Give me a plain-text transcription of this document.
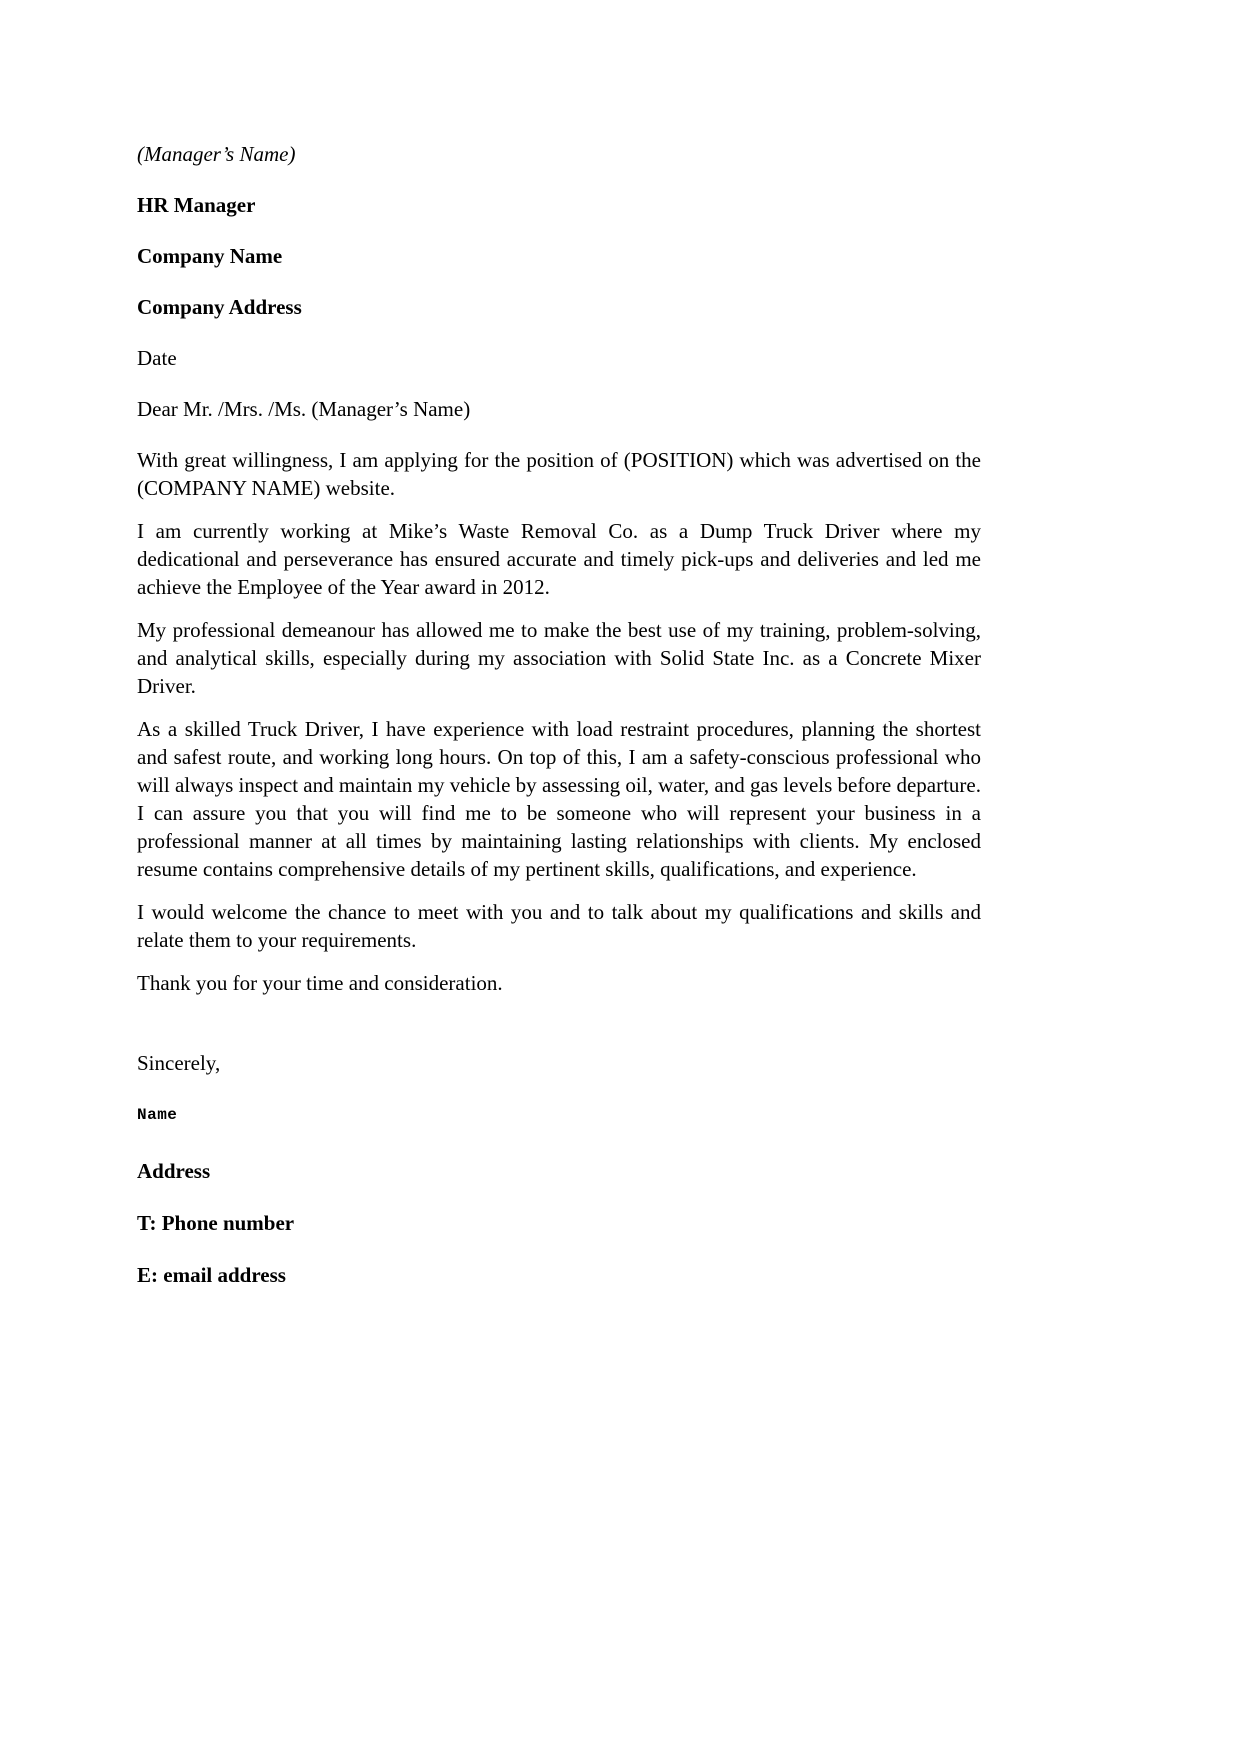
(Manager’s Name)

HR Manager

Company Name

Company Address

Date

Dear Mr. /Mrs. /Ms. (Manager’s Name)

With great willingness, I am applying for the position of (POSITION) which was advertised on the (COMPANY NAME) website.

I am currently working at Mike’s Waste Removal Co. as a Dump Truck Driver where my dedicational and perseverance has ensured accurate and timely pick-ups and deliveries and led me achieve the Employee of the Year award in 2012.

My professional demeanour has allowed me to make the best use of my training, problem-solving, and analytical skills, especially during my association with Solid State Inc. as a Concrete Mixer Driver.

As a skilled Truck Driver, I have experience with load restraint procedures, planning the shortest and safest route, and working long hours. On top of this, I am a safety-conscious professional who will always inspect and maintain my vehicle by assessing oil, water, and gas levels before departure. I can assure you that you will find me to be someone who will represent your business in a professional manner at all times by maintaining lasting relationships with clients. My enclosed resume contains comprehensive details of my pertinent skills, qualifications, and experience.

I would welcome the chance to meet with you and to talk about my qualifications and skills and relate them to your requirements.

Thank you for your time and consideration.

Sincerely,

Name

Address

T: Phone number

E: email address
